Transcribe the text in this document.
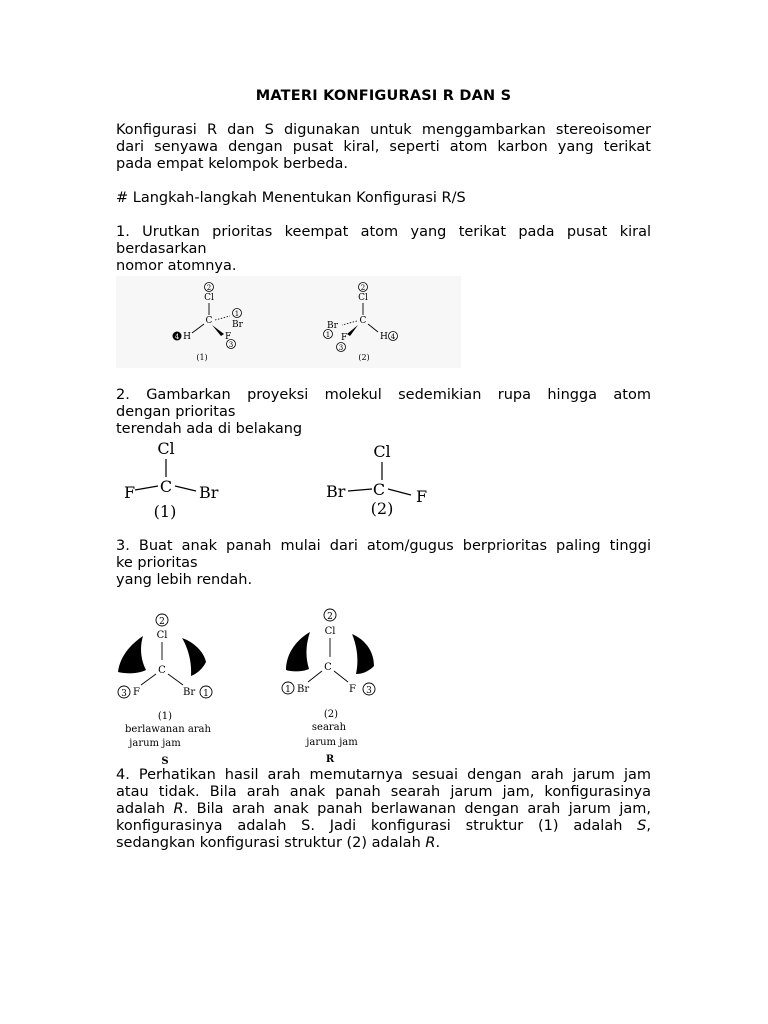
MATERI KONFIGURASI R DAN S
Konfigurasi R dan S digunakan untuk menggambarkan stereoisomer
dari senyawa dengan pusat kiral, seperti atom karbon yang terikat
pada empat kelompok berbeda.
# Langkah-langkah Menentukan Konfigurasi R/S
1. Urutkan prioritas keempat atom yang terikat pada pusat kiral
berdasarkan
nomor atomnya.
2
Cl
C
1
Br
H
4	F
3
(1)
2
Cl
C
Br
1 F
3
H 4
(2)
2. Gambarkan proyeksi molekul sedemikian rupa hingga atom
dengan prioritas
terendah ada di belakang
Cl
C
F	Br
(1)
Cl
C
Br	F
(2)
3. Buat anak panah mulai dari atom/gugus berprioritas paling tinggi
ke prioritas
yang lebih rendah.
2
Cl
C
3 F	Br 1
(1)
berlawanan arah
jarum jam
S
2
Cl
C
1 Br	F 3
(2)
searah
jarum jam
R
4. Perhatikan hasil arah memutarnya sesuai dengan arah jarum jam
atau tidak. Bila arah anak panah searah jarum jam, konfigurasinya
adalah R. Bila arah anak panah berlawanan dengan arah jarum jam,
konfigurasinya adalah S. Jadi konfigurasi struktur (1) adalah S,
sedangkan konfigurasi struktur (2) adalah R.
